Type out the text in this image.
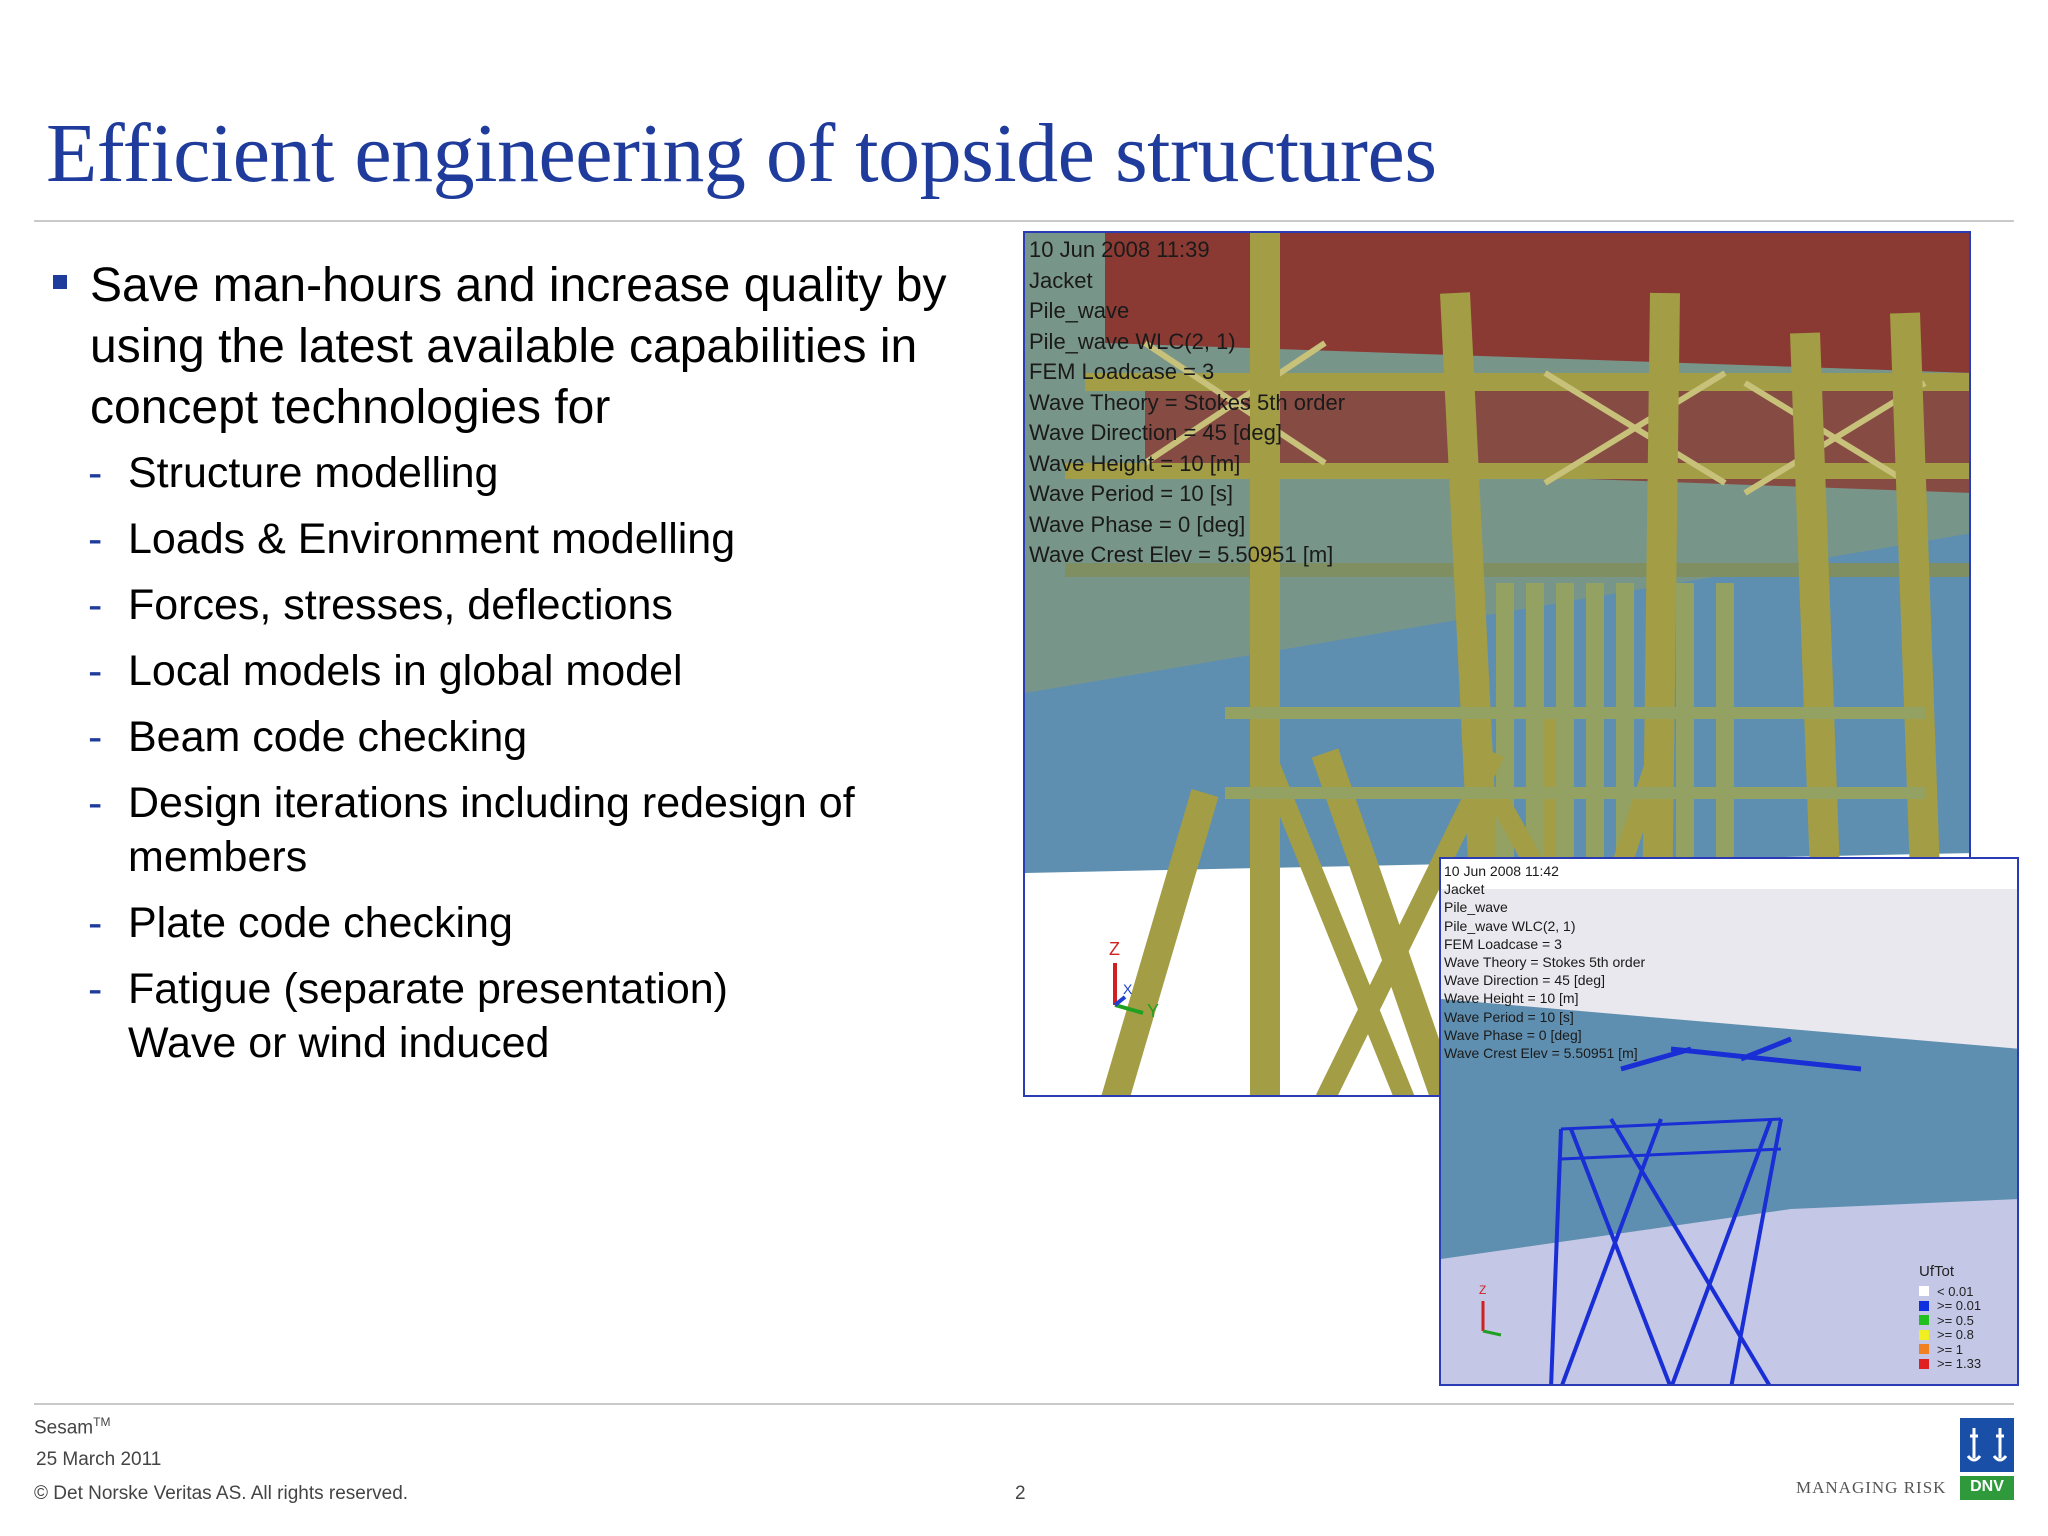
Efficient engineering of topside structures
Save man-hours and increase quality by using the latest available capabilities in concept technologies for
- Structure modelling
- Loads & Environment modelling
- Forces, stresses, deflections
- Local models in global model
- Beam code checking
- Design iterations including redesign of members
- Plate code checking
- Fatigue (separate presentation)
Wave or wind induced
10 Jun 2008 11:39
Jacket
Pile_wave
Pile_wave WLC(2, 1)
FEM Loadcase = 3
Wave Theory = Stokes 5th order
Wave Direction = 45 [deg]
Wave Height = 10 [m]
Wave Period = 10 [s]
Wave Phase = 0 [deg]
Wave Crest Elev = 5.50951 [m]
Z
X
Y
10 Jun 2008 11:42
Jacket
Pile_wave
Pile_wave WLC(2, 1)
FEM Loadcase = 3
Wave Theory = Stokes 5th order
Wave Direction = 45 [deg]
Wave Height = 10 [m]
Wave Period = 10 [s]
Wave Phase = 0 [deg]
Wave Crest Elev = 5.50951 [m]
Z
UfTot
< 0.01
>= 0.01
>= 0.5
>= 0.8
>= 1
>= 1.33
Sesam™
25 March 2011
© Det Norske Veritas AS. All rights reserved.	2	MANAGING RISK	DNV
